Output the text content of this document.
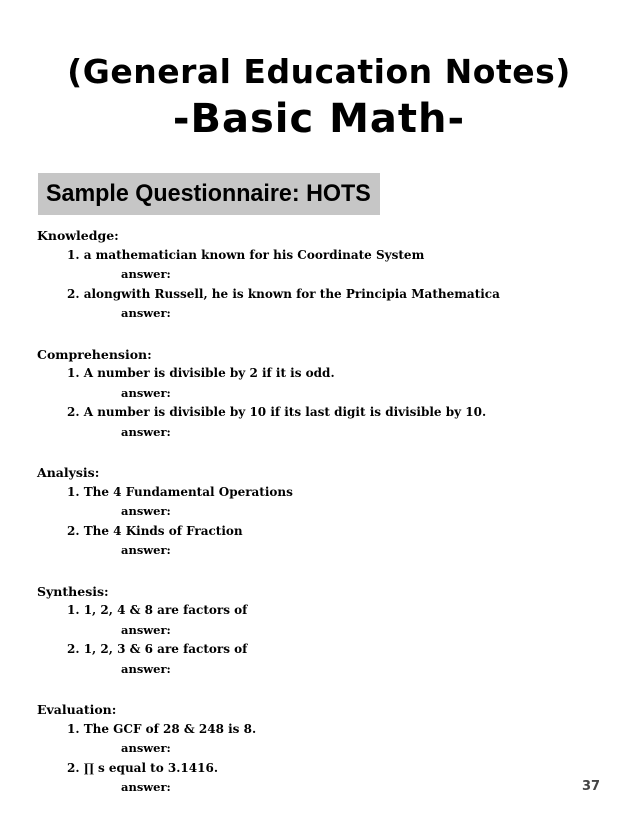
(General Education Notes)
-Basic Math-
Sample Questionnaire: HOTS
Knowledge:
1. a mathematician known for his Coordinate System
answer:
2. alongwith Russell, he is known for the Principia Mathematica
answer:
Comprehension:
1. A number is divisible by 2 if it is odd.
answer:
2. A number is divisible by 10 if its last digit is divisible by 10.
answer:
Analysis:
1. The 4 Fundamental Operations
answer:
2. The 4 Kinds of Fraction
answer:
Synthesis:
1. 1, 2, 4 & 8 are factors of
answer:
2. 1, 2, 3 & 6 are factors of
answer:
Evaluation:
1. The GCF of 28 & 248 is 8.
answer:
2. ∏ s equal to 3.1416.
answer:	37
